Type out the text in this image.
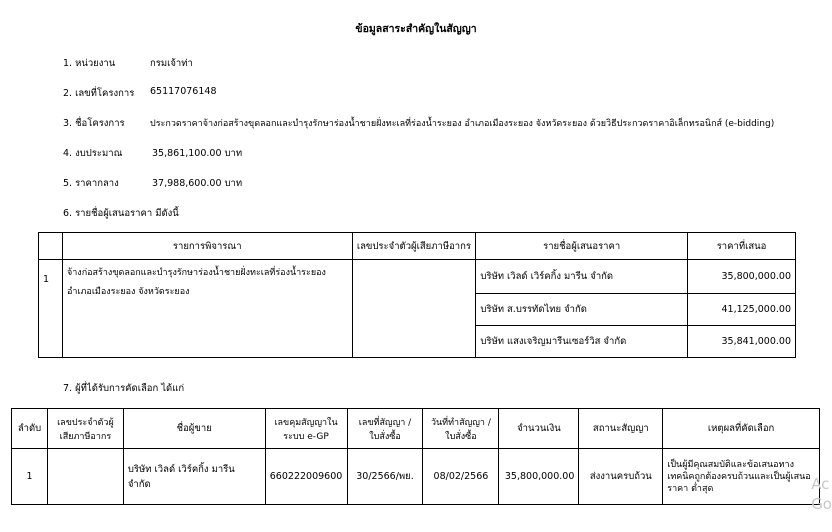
ข้อมูลสาระสำคัญในสัญญา
1. หน่วยงาน	กรมเจ้าท่า
2. เลขที่โครงการ 65117076148
3. ชื่อโครงการ	ประกวดราคาจ้างก่อสร้างขุดลอกและบำรุงรักษาร่องน้ำชายฝั่งทะเลที่ร่องน้ำระยอง อำเภอเมืองระยอง จังหวัดระยอง ด้วยวิธีประกวดราคาอิเล็กทรอนิกส์ (e-bidding)
4. งบประมาณ	35,861,100.00 บาท
5. ราคากลาง	37,988,600.00 บาท
6. รายชื่อผู้เสนอราคา มีดังนี้
	รายการพิจารณา	เลขประจำตัวผู้เสียภาษีอากร	รายชื่อผู้เสนอราคา	ราคาที่เสนอ
1	จ้างก่อสร้างขุดลอกและบำรุงรักษาร่องน้ำชายฝั่งทะเลที่ร่องน้ำระยอง อำเภอเมืองระยอง จังหวัดระยอง		บริษัท เวิลด์ เวิร์คกิ้ง มารีน จำกัด	35,800,000.00
			บริษัท ส.บรรทัดไทย จำกัด	41,125,000.00
			บริษัท แสงเจริญมารีนเซอร์วิส จำกัด	35,841,000.00
7. ผู้ที่ได้รับการคัดเลือก ได้แก่
ลำดับ	เลขประจำตัวผู้เสียภาษีอากร	ชื่อผู้ขาย	เลขคุมสัญญาในระบบ e-GP	เลขที่สัญญา / ใบสั่งซื้อ	วันที่ทำสัญญา / ใบสั่งซื้อ	จำนวนเงิน	สถานะสัญญา	เหตุผลที่คัดเลือก
1		บริษัท เวิลด์ เวิร์คกิ้ง มารีน จำกัด	660222009600	30/2566/พย.	08/02/2566	35,800,000.00	ส่งงานครบถ้วน	เป็นผู้มีคุณสมบัติและข้อเสนอทางเทคนิคถูกต้องครบถ้วนและเป็นผู้เสนอราคา ต่ำสุด	Ac
Go
